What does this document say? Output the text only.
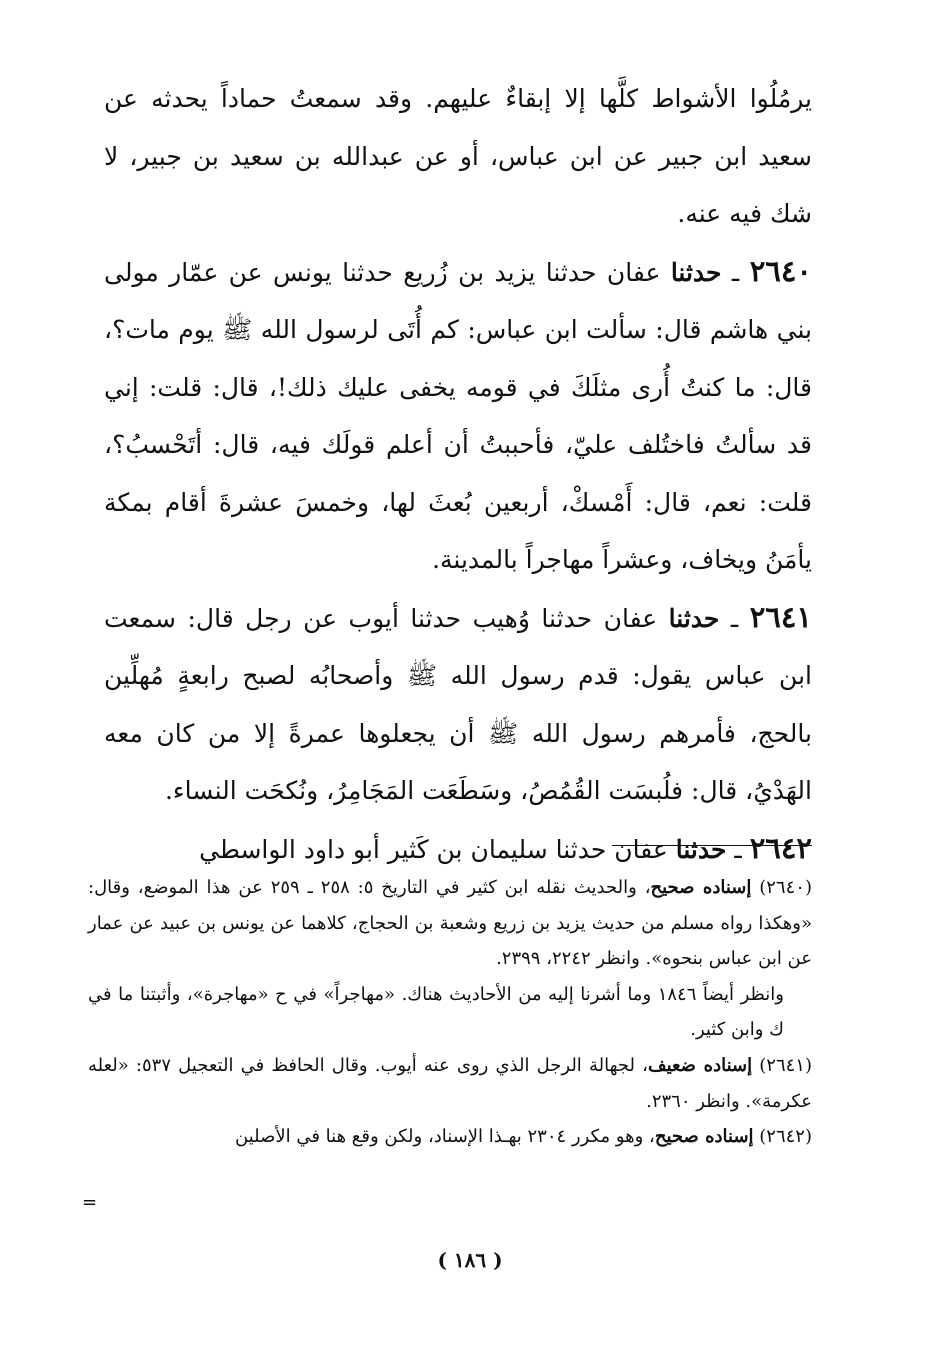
يرمُلُوا الأشواط كلَّها إلا إبقاءٌ عليهم. وقد سمعتُ حماداً يحدثه عن سعيد ابن جبير عن ابن عباس، أو عن عبدالله بن سعيد بن جبير، لا شك فيه عنه.

٢٦٤٠ ـ حدثنا عفان حدثنا يزيد بن زُريع حدثنا يونس عن عمّار مولى بني هاشم قال: سألت ابن عباس: كم أُتَى لرسول الله ﷺ يوم مات؟، قال: ما كنتُ أُرى مثلَكَ في قومه يخفى عليك ذلك!، قال: قلت: إني قد سألتُ فاختُلف عليّ، فأحببتُ أن أعلم قولَك فيه، قال: أتَحْسبُ؟، قلت: نعم، قال: أَمْسكْ، أربعين بُعثَ لها، وخمسَ عشرةَ أقام بمكة يأمَنُ ويخاف، وعشراً مهاجراً بالمدينة.

٢٦٤١ ـ حدثنا عفان حدثنا وُهيب حدثنا أيوب عن رجل قال: سمعت ابن عباس يقول: قدم رسول الله ﷺ وأصحابُه لصبح رابعةٍ مُهلِّين بالحج، فأمرهم رسول الله ﷺ أن يجعلوها عمرةً إلا من كان معه الهَدْيُ، قال: فلُبسَت القُمُصُ، وسَطَعَت المَجَامِرُ، ونُكحَت النساء.

٢٦٤٢ ـ حدثنا عفان حدثنا سليمان بن كَثير أبو داود الواسطي

(٢٦٤٠) إسناده صحيح، والحديث نقله ابن كثير في التاريخ ٥: ٢٥٨ ـ ٢٥٩ عن هذا الموضع، وقال: «وهكذا رواه مسلم من حديث يزيد بن زريع وشعبة بن الحجاج، كلاهما عن يونس بن عبيد عن عمار عن ابن عباس بنحوه». وانظر ٢٢٤٢، ٢٣٩٩.

وانظر أيضاً ١٨٤٦ وما أشرنا إليه من الأحاديث هناك. «مهاجراً» في ح «مهاجرة»، وأثبتنا ما في ك وابن كثير.

(٢٦٤١) إسناده ضعيف، لجهالة الرجل الذي روى عنه أيوب. وقال الحافظ في التعجيل ٥٣٧: «لعله عكرمة». وانظر ٢٣٦٠.

(٢٦٤٢) إسناده صحيح، وهو مكرر ٢٣٠٤ بهـذا الإسناد، ولكن وقع هنا في الأصلين

=
( ١٨٦ )
